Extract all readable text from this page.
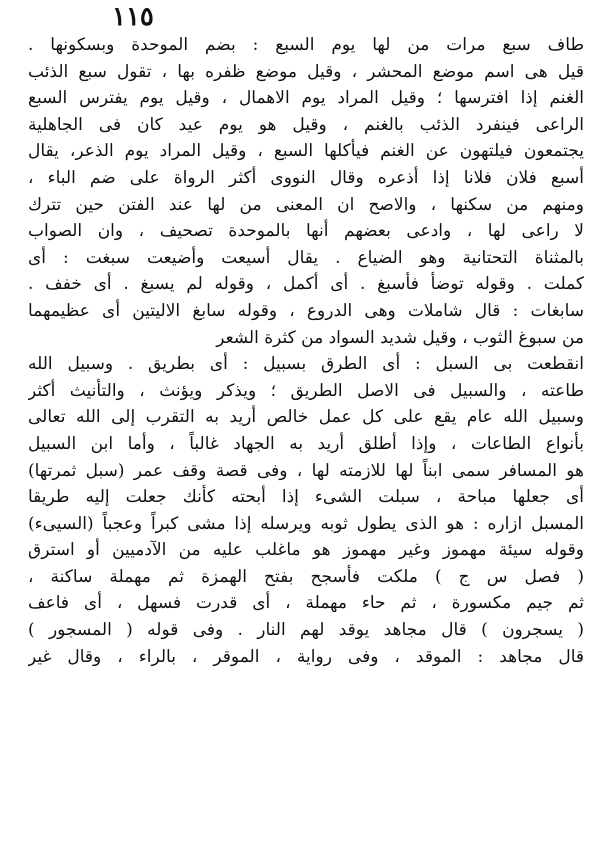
١١٥
طاف سبع مرات من لها يوم السبع : بضم الموحدة وبسكونها .
قيل هى اسم موضع المحشر ، وقيل موضع ظفره بها ، تقول سبع الذئب
الغنم إذا افترسها ؛ وقيل المراد يوم الاهمال ، وقيل يوم يفترس السبع
الراعى فينفرد الذئب بالغنم ، وقيل هو يوم عيد كان فى الجاهلية
يجتمعون فيلتهون عن الغنم فيأكلها السبع ، وقيل المراد يوم الذعر، يقال
أسبع فلان فلانا إذا أذعره وقال النووى أكثر الرواة على ضم الباء ،
ومنهم من سكنها ، والاصح ان المعنى من لها عند الفتن حين تترك
لا راعى لها ، وادعى بعضهم أنها بالموحدة تصحيف ، وان الصواب
بالمثناة التحتانية وهو الضياع . يقال أسيعت وأضيعت سبغت : أى
كملت . وقوله توضأ فأسبغ . أى أكمل ، وقوله لم يسبغ . أى خفف .
سابغات : قال شاملات وهى الدروع ، وقوله سابغ الاليتين أى عظيمهما
من سبوغ الثوب ، وقيل شديد السواد من كثرة الشعر
انقطعت بى السبل : أى الطرق بسبيل : أى بطريق . وسبيل الله
طاعته ، والسبيل فى الاصل الطريق ؛ ويذكر ويؤنث ، والتأنيث أكثر
وسبيل الله عام يقع على كل عمل خالص أريد به التقرب إلى الله تعالى
بأنواع الطاعات ، وإذا أطلق أريد به الجهاد غالباً ، وأما ابن السبيل
هو المسافر سمى ابناً لها للازمته لها ، وفى قصة وقف عمر (سبل ثمرتها)
أى جعلها مباحة ، سبلت الشىء إذا أبحته كأنك جعلت إليه طريقا
المسبل ازاره : هو الذى يطول ثوبه ويرسله إذا مشى كبراً وعجباً (السيىء)
وقوله سيئة مهموز وغير مهموز هو ماغلب عليه من الآدميين أو استرق
( فصل س ج ) ملكت فأسجح بفتح الهمزة ثم مهملة ساكنة ،
ثم جيم مكسورة ، ثم حاء مهملة ، أى قدرت فسهل ، أى فاعف
( يسجرون ) قال مجاهد يوقد لهم النار . وفى قوله ( المسجور )
قال مجاهد : الموقد ، وفى رواية ، الموقر ، بالراء ، وقال غير
